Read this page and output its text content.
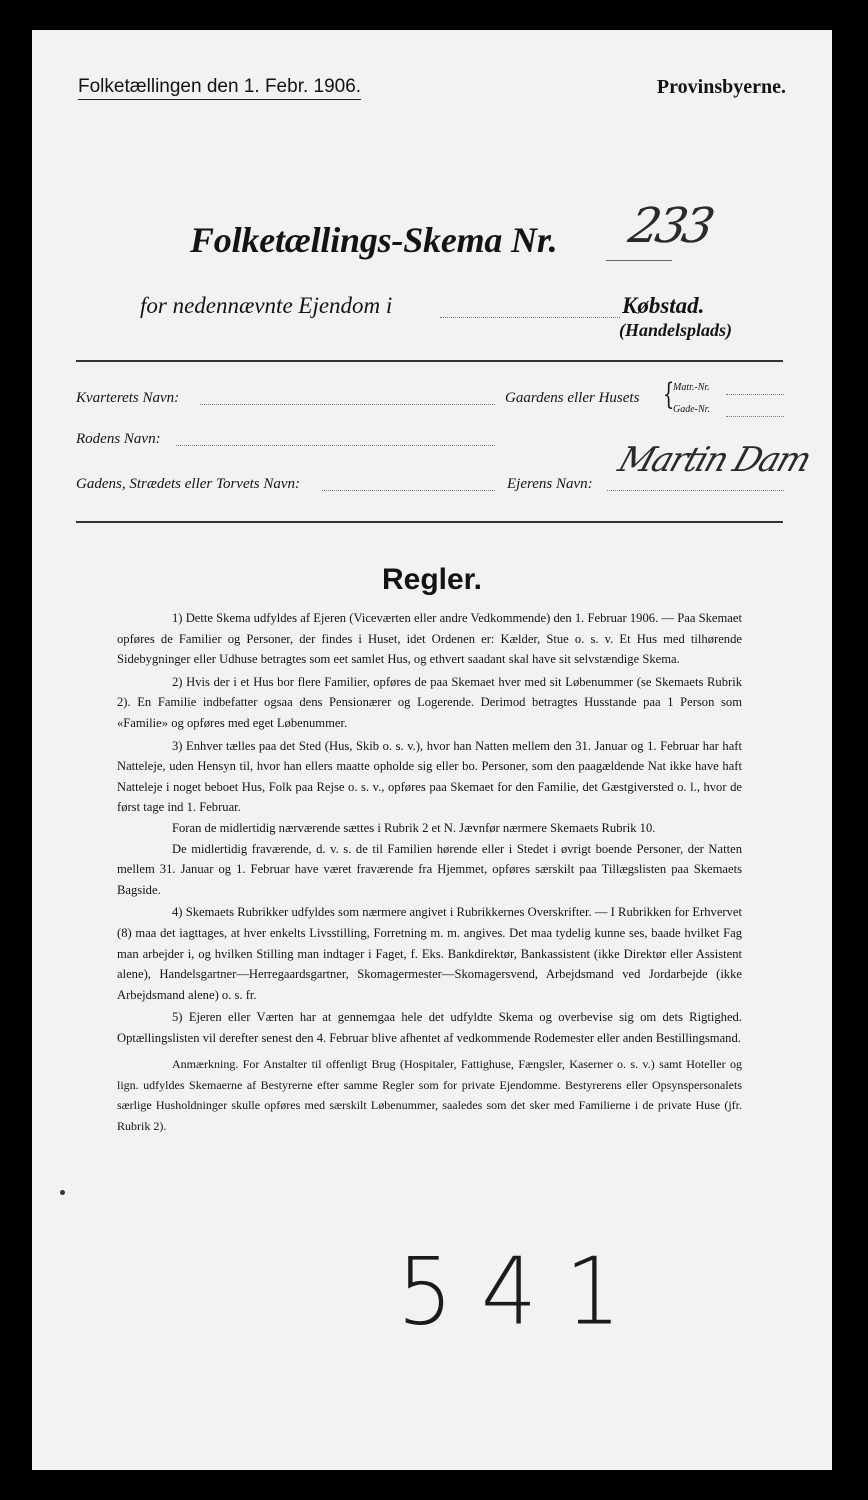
Folketællingen den 1. Febr. 1906.	Provinsbyerne.
Folketællings-Skema Nr. 233
for nedennævnte Ejendom i	Købstad.
(Handelsplads)
Kvarterets Navn:	Gaardens eller Husets {
Matr.-Nr.
Gade-Nr.
Rodens Navn:
Gadens, Strædets eller Torvets Navn:	Ejerens Navn:
Martin Dam
Regler.

1) Dette Skema udfyldes af Ejeren (Viceværten eller andre Vedkommende) den 1. Februar 1906. — Paa Skemaet opføres de Familier og Personer, der findes i Huset, idet Ordenen er: Kælder, Stue o. s. v. Et Hus med tilhørende Sidebygninger eller Udhuse betragtes som eet samlet Hus, og ethvert saadant skal have sit selvstændige Skema.

2) Hvis der i et Hus bor flere Familier, opføres de paa Skemaet hver med sit Løbenummer (se Skemaets Rubrik 2). En Familie indbefatter ogsaa dens Pensionærer og Logerende. Derimod betragtes Husstande paa 1 Person som «Familie» og opføres med eget Løbenummer.

3) Enhver tælles paa det Sted (Hus, Skib o. s. v.), hvor han Natten mellem den 31. Januar og 1. Februar har haft Natteleje, uden Hensyn til, hvor han ellers maatte opholde sig eller bo. Personer, som den paagældende Nat ikke have haft Natteleje i noget beboet Hus, Folk paa Rejse o. s. v., opføres paa Skemaet for den Familie, det Gæstgiversted o. l., hvor de først tage ind 1. Februar.

Foran de midlertidig nærværende sættes i Rubrik 2 et N. Jævnfør nærmere Skemaets Rubrik 10.

De midlertidig fraværende, d. v. s. de til Familien hørende eller i Stedet i øvrigt boende Personer, der Natten mellem 31. Januar og 1. Februar have været fraværende fra Hjemmet, opføres særskilt paa Tillægslisten paa Skemaets Bagside.

4) Skemaets Rubrikker udfyldes som nærmere angivet i Rubrikkernes Overskrifter. — I Rubrikken for Erhvervet (8) maa det iagttages, at hver enkelts Livsstilling, Forretning m. m. angives. Det maa tydelig kunne ses, baade hvilket Fag man arbejder i, og hvilken Stilling man indtager i Faget, f. Eks. Bankdirektør, Bankassistent (ikke Direktør eller Assistent alene), Handelsgartner—Herregaardsgartner, Skomagermester—Skomagersvend, Arbejdsmand ved Jordarbejde (ikke Arbejdsmand alene) o. s. fr.

5) Ejeren eller Værten har at gennemgaa hele det udfyldte Skema og overbevise sig om dets Rigtighed. Optællingslisten vil derefter senest den 4. Februar blive afhentet af vedkommende Rodemester eller anden Bestillingsmand.

Anmærkning. For Anstalter til offenligt Brug (Hospitaler, Fattighuse, Fængsler, Kaserner o. s. v.) samt Hoteller og lign. udfyldes Skemaerne af Bestyrerne efter samme Regler som for private Ejendomme. Bestyrerens eller Opsynspersonalets særlige Husholdninger skulle opføres med særskilt Løbenummer, saaledes som det sker med Familierne i de private Huse (jfr. Rubrik 2).

541
